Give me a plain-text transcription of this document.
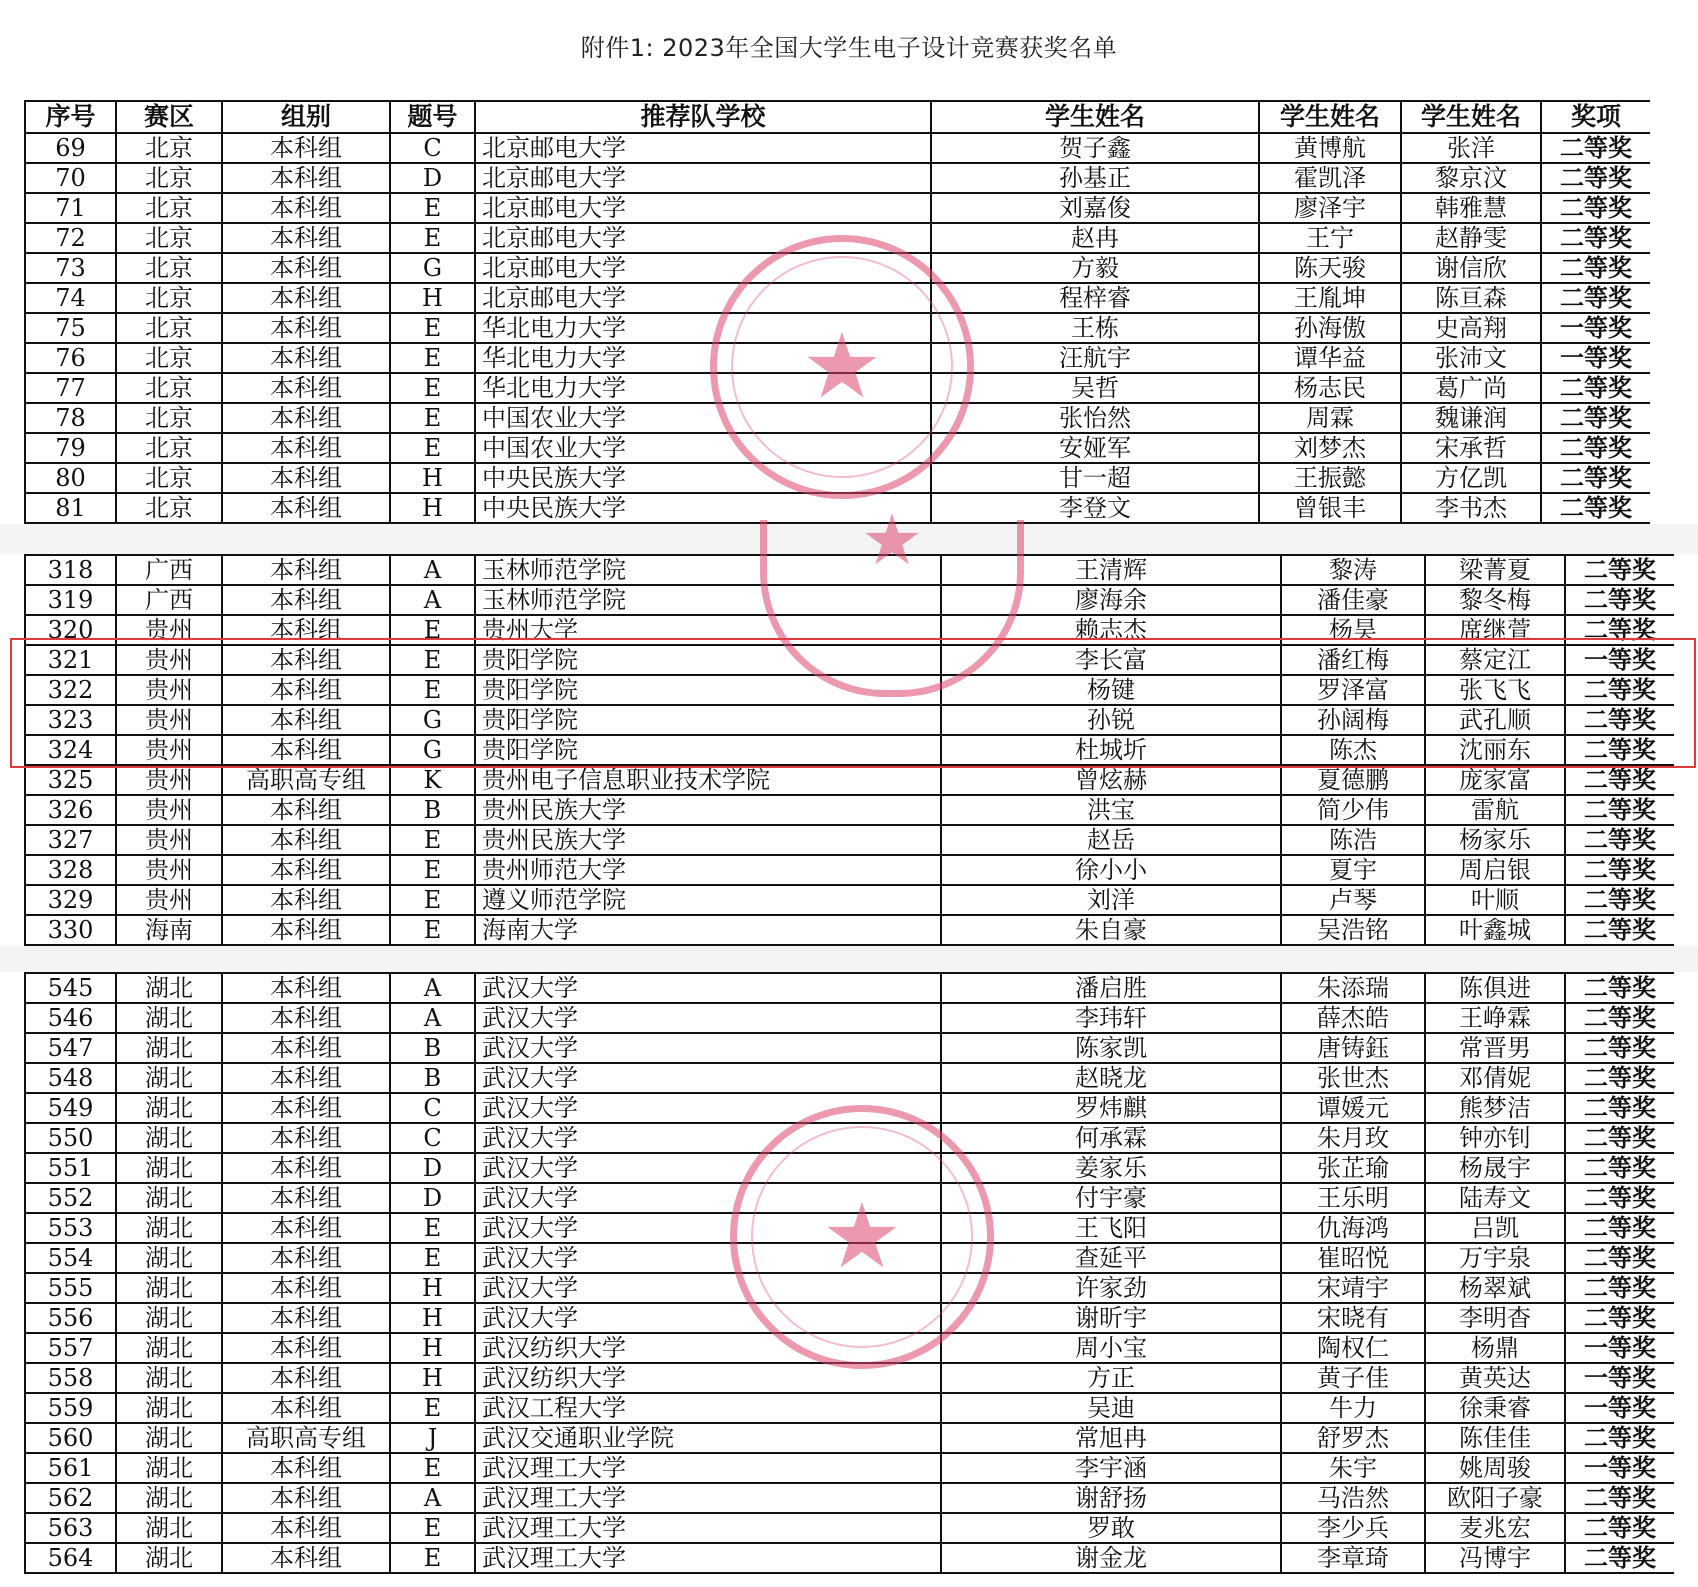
附件1: 2023年全国大学生电子设计竞赛获奖名单
序号	赛区	组别	题号	推荐队学校	学生姓名	学生姓名	学生姓名	奖项
69	北京	本科组	C	北京邮电大学	贺子鑫	黄博航	张洋	二等奖
70	北京	本科组	D	北京邮电大学	孙基正	霍凯泽	黎京汶	二等奖
71	北京	本科组	E	北京邮电大学	刘嘉俊	廖泽宇	韩雅慧	二等奖
72	北京	本科组	E	北京邮电大学	赵冉	王宁	赵静雯	二等奖
73	北京	本科组	G	北京邮电大学	方毅	陈天骏	谢信欣	二等奖
74	北京	本科组	H	北京邮电大学	程梓睿	王胤坤	陈亘森	二等奖
75	北京	本科组	E	华北电力大学	王栋	孙海傲	史高翔	一等奖
76	北京	本科组	E	华北电力大学	汪航宇	谭华益	张沛文	一等奖
77	北京	本科组	E	华北电力大学	吴哲	杨志民	葛广尚	二等奖
78	北京	本科组	E	中国农业大学	张怡然	周霖	魏谦润	二等奖
79	北京	本科组	E	中国农业大学	安娅军	刘梦杰	宋承哲	二等奖
80	北京	本科组	H	中央民族大学	甘一超	王振懿	方亿凯	二等奖
81	北京	本科组	H	中央民族大学	李登文	曾银丰	李书杰	二等奖
318	广西	本科组	A	玉林师范学院	王清辉	黎涛	梁菁夏	二等奖
319	广西	本科组	A	玉林师范学院	廖海余	潘佳豪	黎冬梅	二等奖
320	贵州	本科组	E	贵州大学	赖志杰	杨昊	席继萱	二等奖
321	贵州	本科组	E	贵阳学院	李长富	潘红梅	蔡定江	一等奖
322	贵州	本科组	E	贵阳学院	杨键	罗泽富	张飞飞	二等奖
323	贵州	本科组	G	贵阳学院	孙锐	孙阔梅	武孔顺	二等奖
324	贵州	本科组	G	贵阳学院	杜城圻	陈杰	沈丽东	二等奖
325	贵州	高职高专组	K	贵州电子信息职业技术学院	曾炫赫	夏德鹏	庞家富	二等奖
326	贵州	本科组	B	贵州民族大学	洪宝	简少伟	雷航	二等奖
327	贵州	本科组	E	贵州民族大学	赵岳	陈浩	杨家乐	二等奖
328	贵州	本科组	E	贵州师范大学	徐小小	夏宇	周启银	二等奖
329	贵州	本科组	E	遵义师范学院	刘洋	卢琴	叶顺	二等奖
330	海南	本科组	E	海南大学	朱自豪	吴浩铭	叶鑫城	二等奖
545	湖北	本科组	A	武汉大学	潘启胜	朱添瑞	陈俱进	二等奖
546	湖北	本科组	A	武汉大学	李玮轩	薛杰皓	王峥霖	二等奖
547	湖北	本科组	B	武汉大学	陈家凯	唐铸鈺	常晋男	二等奖
548	湖北	本科组	B	武汉大学	赵晓龙	张世杰	邓倩妮	二等奖
549	湖北	本科组	C	武汉大学	罗炜麒	谭媛元	熊梦洁	二等奖
550	湖北	本科组	C	武汉大学	何承霖	朱月玫	钟亦钊	二等奖
551	湖北	本科组	D	武汉大学	姜家乐	张芷瑜	杨晟宇	二等奖
552	湖北	本科组	D	武汉大学	付宇豪	王乐明	陆寿文	二等奖
553	湖北	本科组	E	武汉大学	王飞阳	仇海鸿	吕凯	二等奖
554	湖北	本科组	E	武汉大学	查延平	崔昭悦	万宇泉	二等奖
555	湖北	本科组	H	武汉大学	许家劲	宋靖宇	杨翠斌	二等奖
556	湖北	本科组	H	武汉大学	谢昕宇	宋晓有	李明杳	二等奖
557	湖北	本科组	H	武汉纺织大学	周小宝	陶权仁	杨鼎	一等奖
558	湖北	本科组	H	武汉纺织大学	方正	黄子佳	黄英达	一等奖
559	湖北	本科组	E	武汉工程大学	吴迪	牛力	徐秉睿	一等奖
560	湖北	高职高专组	J	武汉交通职业学院	常旭冉	舒罗杰	陈佳佳	二等奖
561	湖北	本科组	E	武汉理工大学	李宇涵	朱宇	姚周骏	一等奖
562	湖北	本科组	A	武汉理工大学	谢舒扬	马浩然	欧阳子豪	二等奖
563	湖北	本科组	E	武汉理工大学	罗敢	李少兵	麦兆宏	二等奖
564	湖北	本科组	E	武汉理工大学	谢金龙	李章琦	冯博宇	二等奖
★
★
★
